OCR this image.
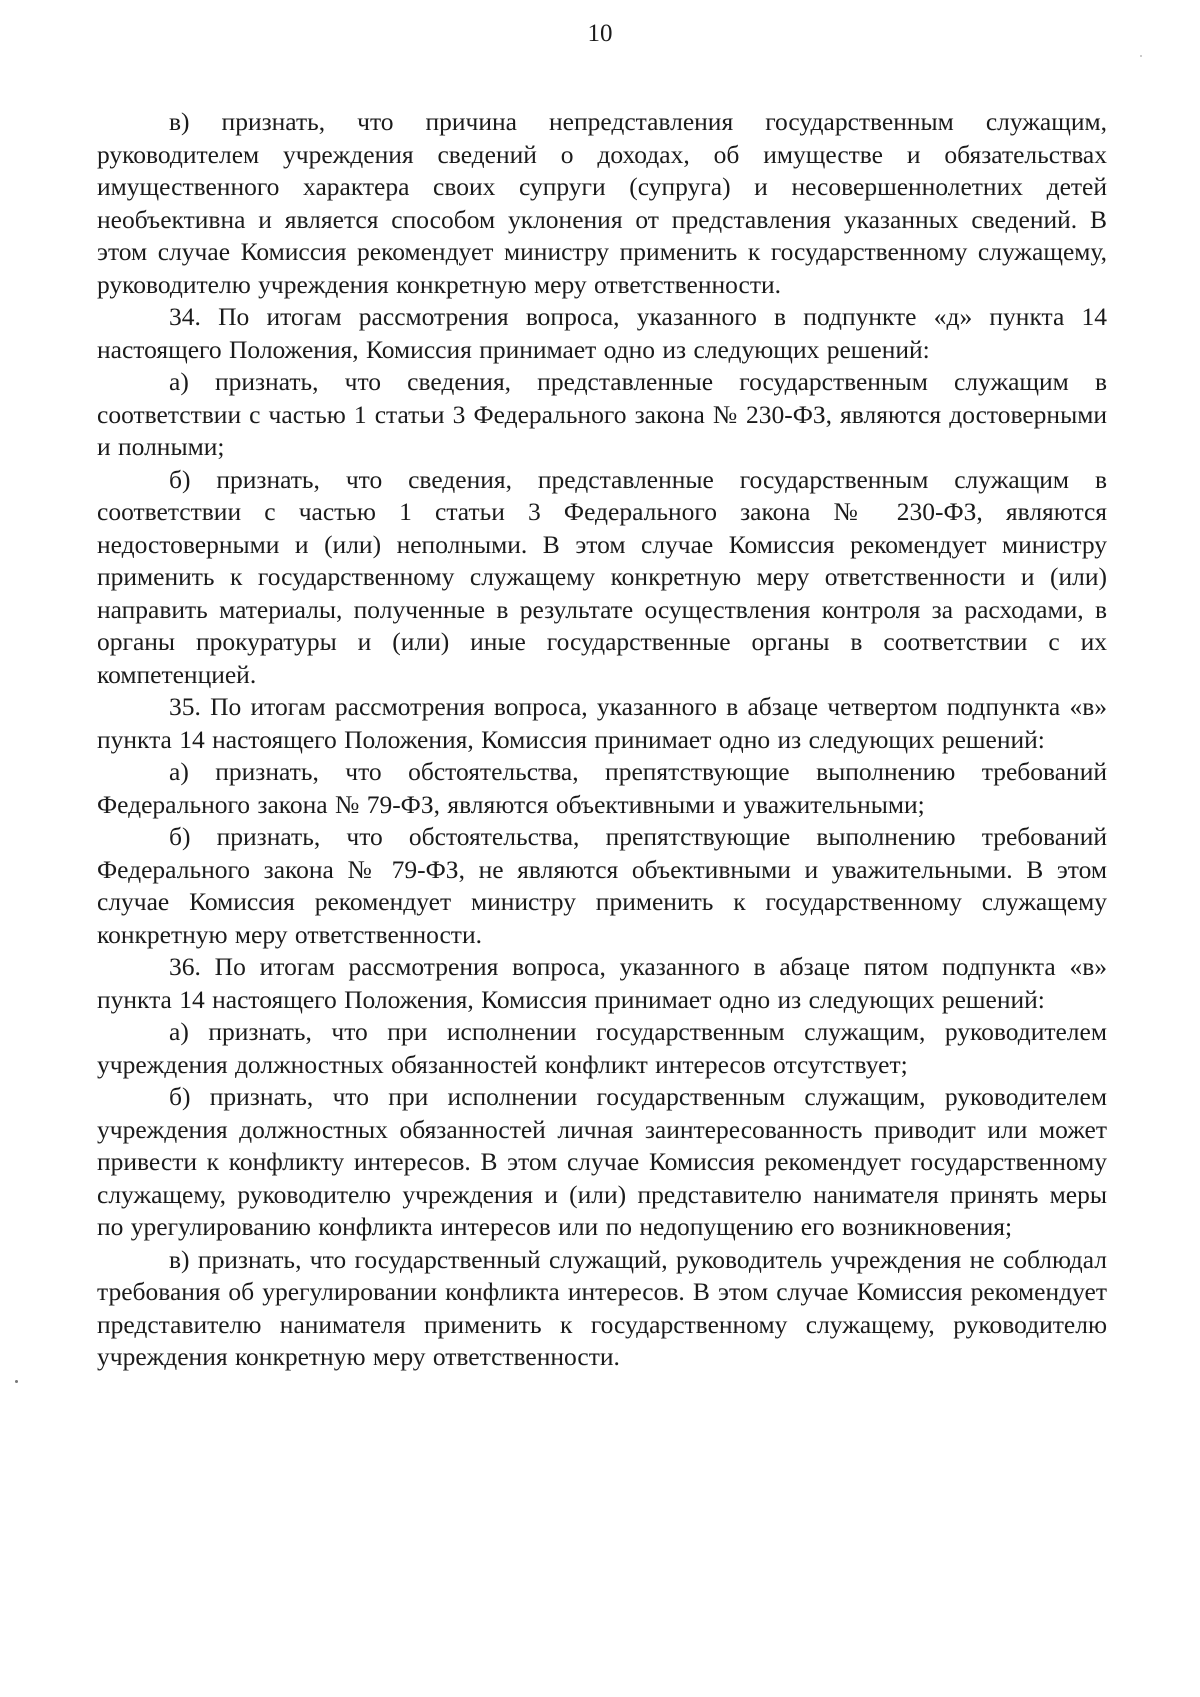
10

в) признать, что причина непредставления государственным служащим, руководителем учреждения сведений о доходах, об имуществе и обязательствах имущественного характера своих супруги (супруга) и несовершеннолетних детей необъективна и является способом уклонения от представления указанных сведений. В этом случае Комиссия рекомендует министру применить к государственному служащему, руководителю учреждения конкретную меру ответственности.

34. По итогам рассмотрения вопроса, указанного в подпункте «д» пункта 14 настоящего Положения, Комиссия принимает одно из следующих решений:

а) признать, что сведения, представленные государственным служащим в соответствии с частью 1 статьи 3 Федерального закона № 230-ФЗ, являются достоверными и полными;

б) признать, что сведения, представленные государственным служащим в соответствии с частью 1 статьи 3 Федерального закона № 230-ФЗ, являются недостоверными и (или) неполными. В этом случае Комиссия рекомендует министру применить к государственному служащему конкретную меру ответственности и (или) направить материалы, полученные в результате осуществления контроля за расходами, в органы прокуратуры и (или) иные государственные органы в соответствии с их компетенцией.

35. По итогам рассмотрения вопроса, указанного в абзаце четвертом подпункта «в» пункта 14 настоящего Положения, Комиссия принимает одно из следующих решений:

а) признать, что обстоятельства, препятствующие выполнению требований Федерального закона № 79-ФЗ, являются объективными и уважительными;

б) признать, что обстоятельства, препятствующие выполнению требований Федерального закона № 79-ФЗ, не являются объективными и уважительными. В этом случае Комиссия рекомендует министру применить к государственному служащему конкретную меру ответственности.

36. По итогам рассмотрения вопроса, указанного в абзаце пятом подпункта «в» пункта 14 настоящего Положения, Комиссия принимает одно из следующих решений:

а) признать, что при исполнении государственным служащим, руководителем учреждения должностных обязанностей конфликт интересов отсутствует;

б) признать, что при исполнении государственным служащим, руководителем учреждения должностных обязанностей личная заинтересованность приводит или может привести к конфликту интересов. В этом случае Комиссия рекомендует государственному служащему, руководителю учреждения и (или) представителю нанимателя принять меры по урегулированию конфликта интересов или по недопущению его возникновения;

в) признать, что государственный служащий, руководитель учреждения не соблюдал требования об урегулировании конфликта интересов. В этом случае Комиссия рекомендует представителю нанимателя применить к государственному служащему, руководителю учреждения конкретную меру ответственности.
